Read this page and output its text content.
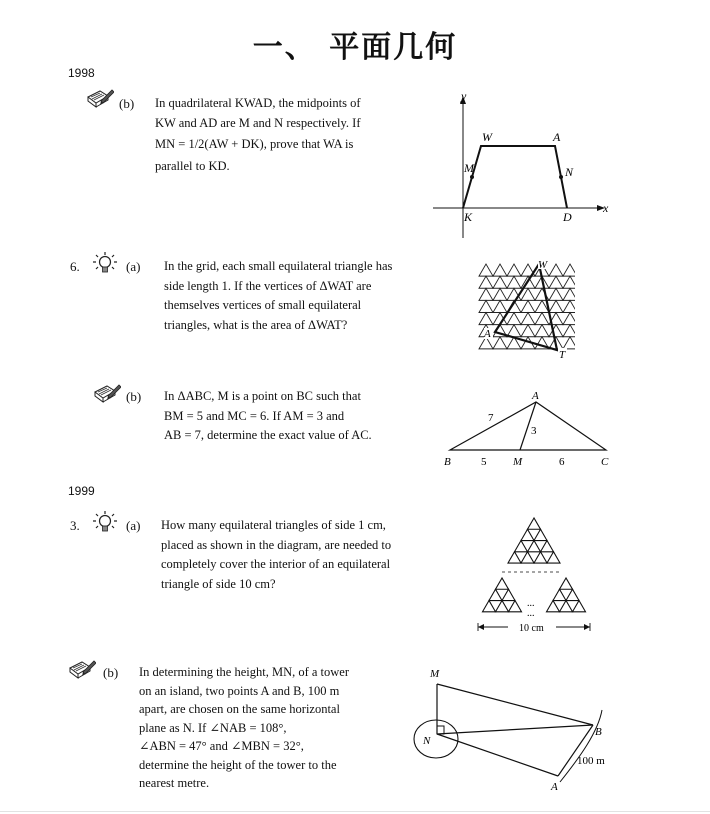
一、 平面几何
1998
(b) In quadrilateral KWAD, the midpoints of

KW and AD are M and N respectively. If

MN = 1/2(AW + DK), prove that WA is

parallel to KD.

y
x
W	A
M	N
K	D
6.	(a) In the grid, each small equilateral triangle has

side length 1. If the vertices of ΔWAT are

themselves vertices of small equilateral

triangles, what is the area of ΔWAT?

W
A
T
(b) In ΔABC, M is a point on BC such that

BM = 5 and MC = 6. If AM = 3 and

AB = 7, determine the exact value of AC.

A
B	C
M
7
3
5	6
1999
3.	(a) How many equilateral triangles of side 1 cm,

placed as shown in the diagram, are needed to

completely cover the interior of an equilateral

triangle of side 10 cm?

...
...
10 cm
(b) In determining the height, MN, of a tower

on an island, two points A and B, 100 m

apart, are chosen on the same horizontal

plane as N. If ∠NAB = 108°,

∠ABN = 47° and ∠MBN = 32°,

determine the height of the tower to the

nearest metre.

M
N
B
A
100 m
